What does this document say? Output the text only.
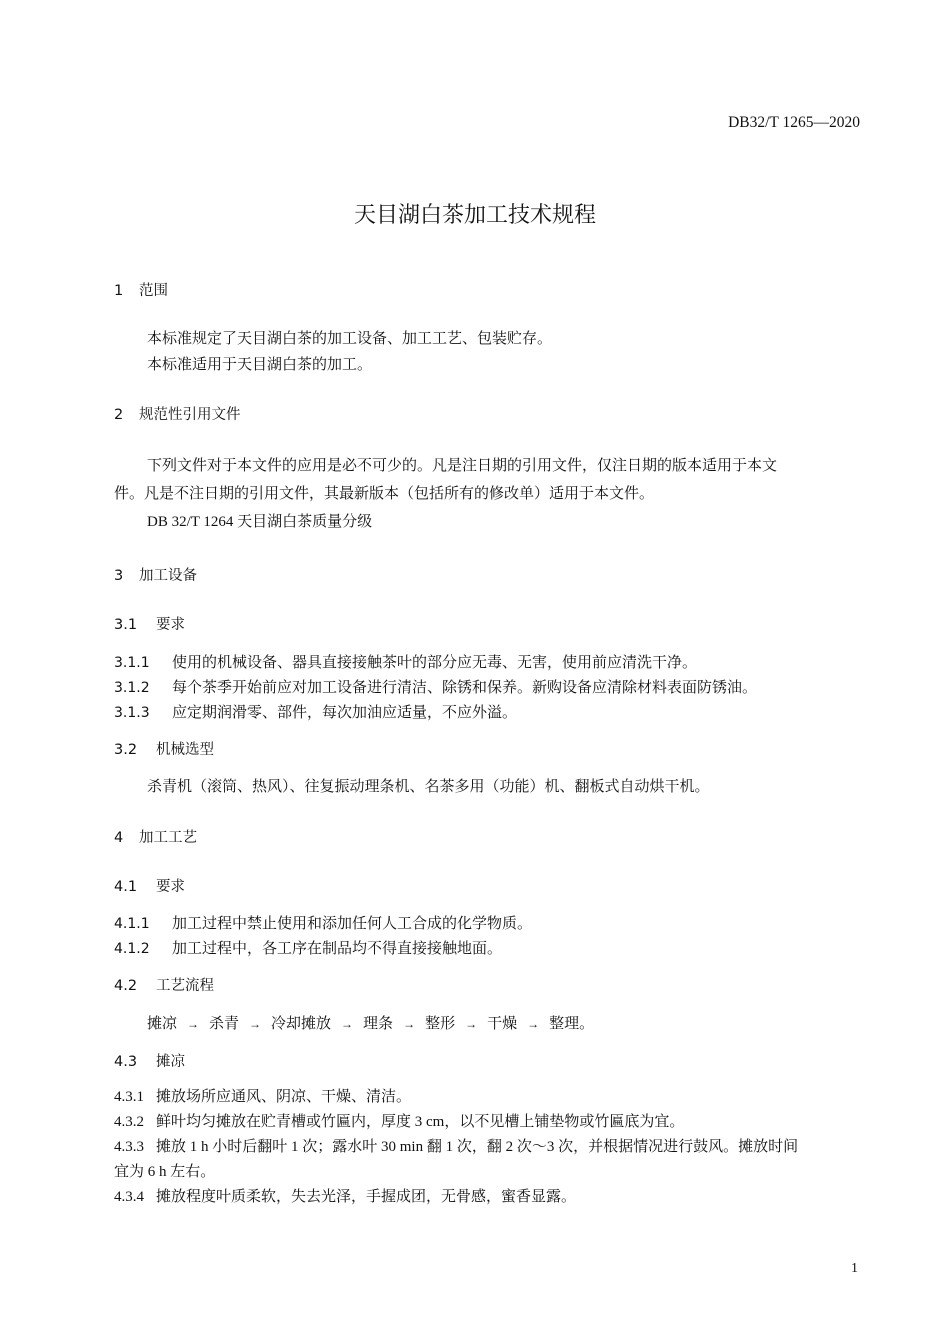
DB32/T 1265—2020
天目湖白茶加工技术规程
1 范围
本标准规定了天目湖白茶的加工设备、加工工艺、包装贮存。
本标准适用于天目湖白茶的加工。
2 规范性引用文件
下列文件对于本文件的应用是必不可少的。凡是注日期的引用文件，仅注日期的版本适用于本文
件。凡是不注日期的引用文件，其最新版本（包括所有的修改单）适用于本文件。
DB 32/T 1264 天目湖白茶质量分级
3 加工设备
3.1 要求
3.1.1 使用的机械设备、器具直接接触茶叶的部分应无毒、无害，使用前应清洗干净。
3.1.2 每个茶季开始前应对加工设备进行清洁、除锈和保养。新购设备应清除材料表面防锈油。
3.1.3 应定期润滑零、部件，每次加油应适量，不应外溢。
3.2 机械选型
杀青机（滚筒、热风）、往复振动理条机、名茶多用（功能）机、翻板式自动烘干机。
4 加工工艺
4.1 要求
4.1.1 加工过程中禁止使用和添加任何人工合成的化学物质。
4.1.2 加工过程中，各工序在制品均不得直接接触地面。
4.2 工艺流程
摊凉 → 杀青 → 冷却摊放 → 理条 → 整形 → 干燥 → 整理。
4.3 摊凉
4.3.1 摊放场所应通风、阴凉、干燥、清洁。
4.3.2 鲜叶均匀摊放在贮青槽或竹匾内，厚度 3 cm，以不见槽上铺垫物或竹匾底为宜。
4.3.3 摊放 1 h 小时后翻叶 1 次；露水叶 30 min 翻 1 次，翻 2 次～3 次，并根据情况进行鼓风。摊放时间
宜为 6 h 左右。
4.3.4 摊放程度叶质柔软，失去光泽，手握成团，无骨感，蜜香显露。
1
